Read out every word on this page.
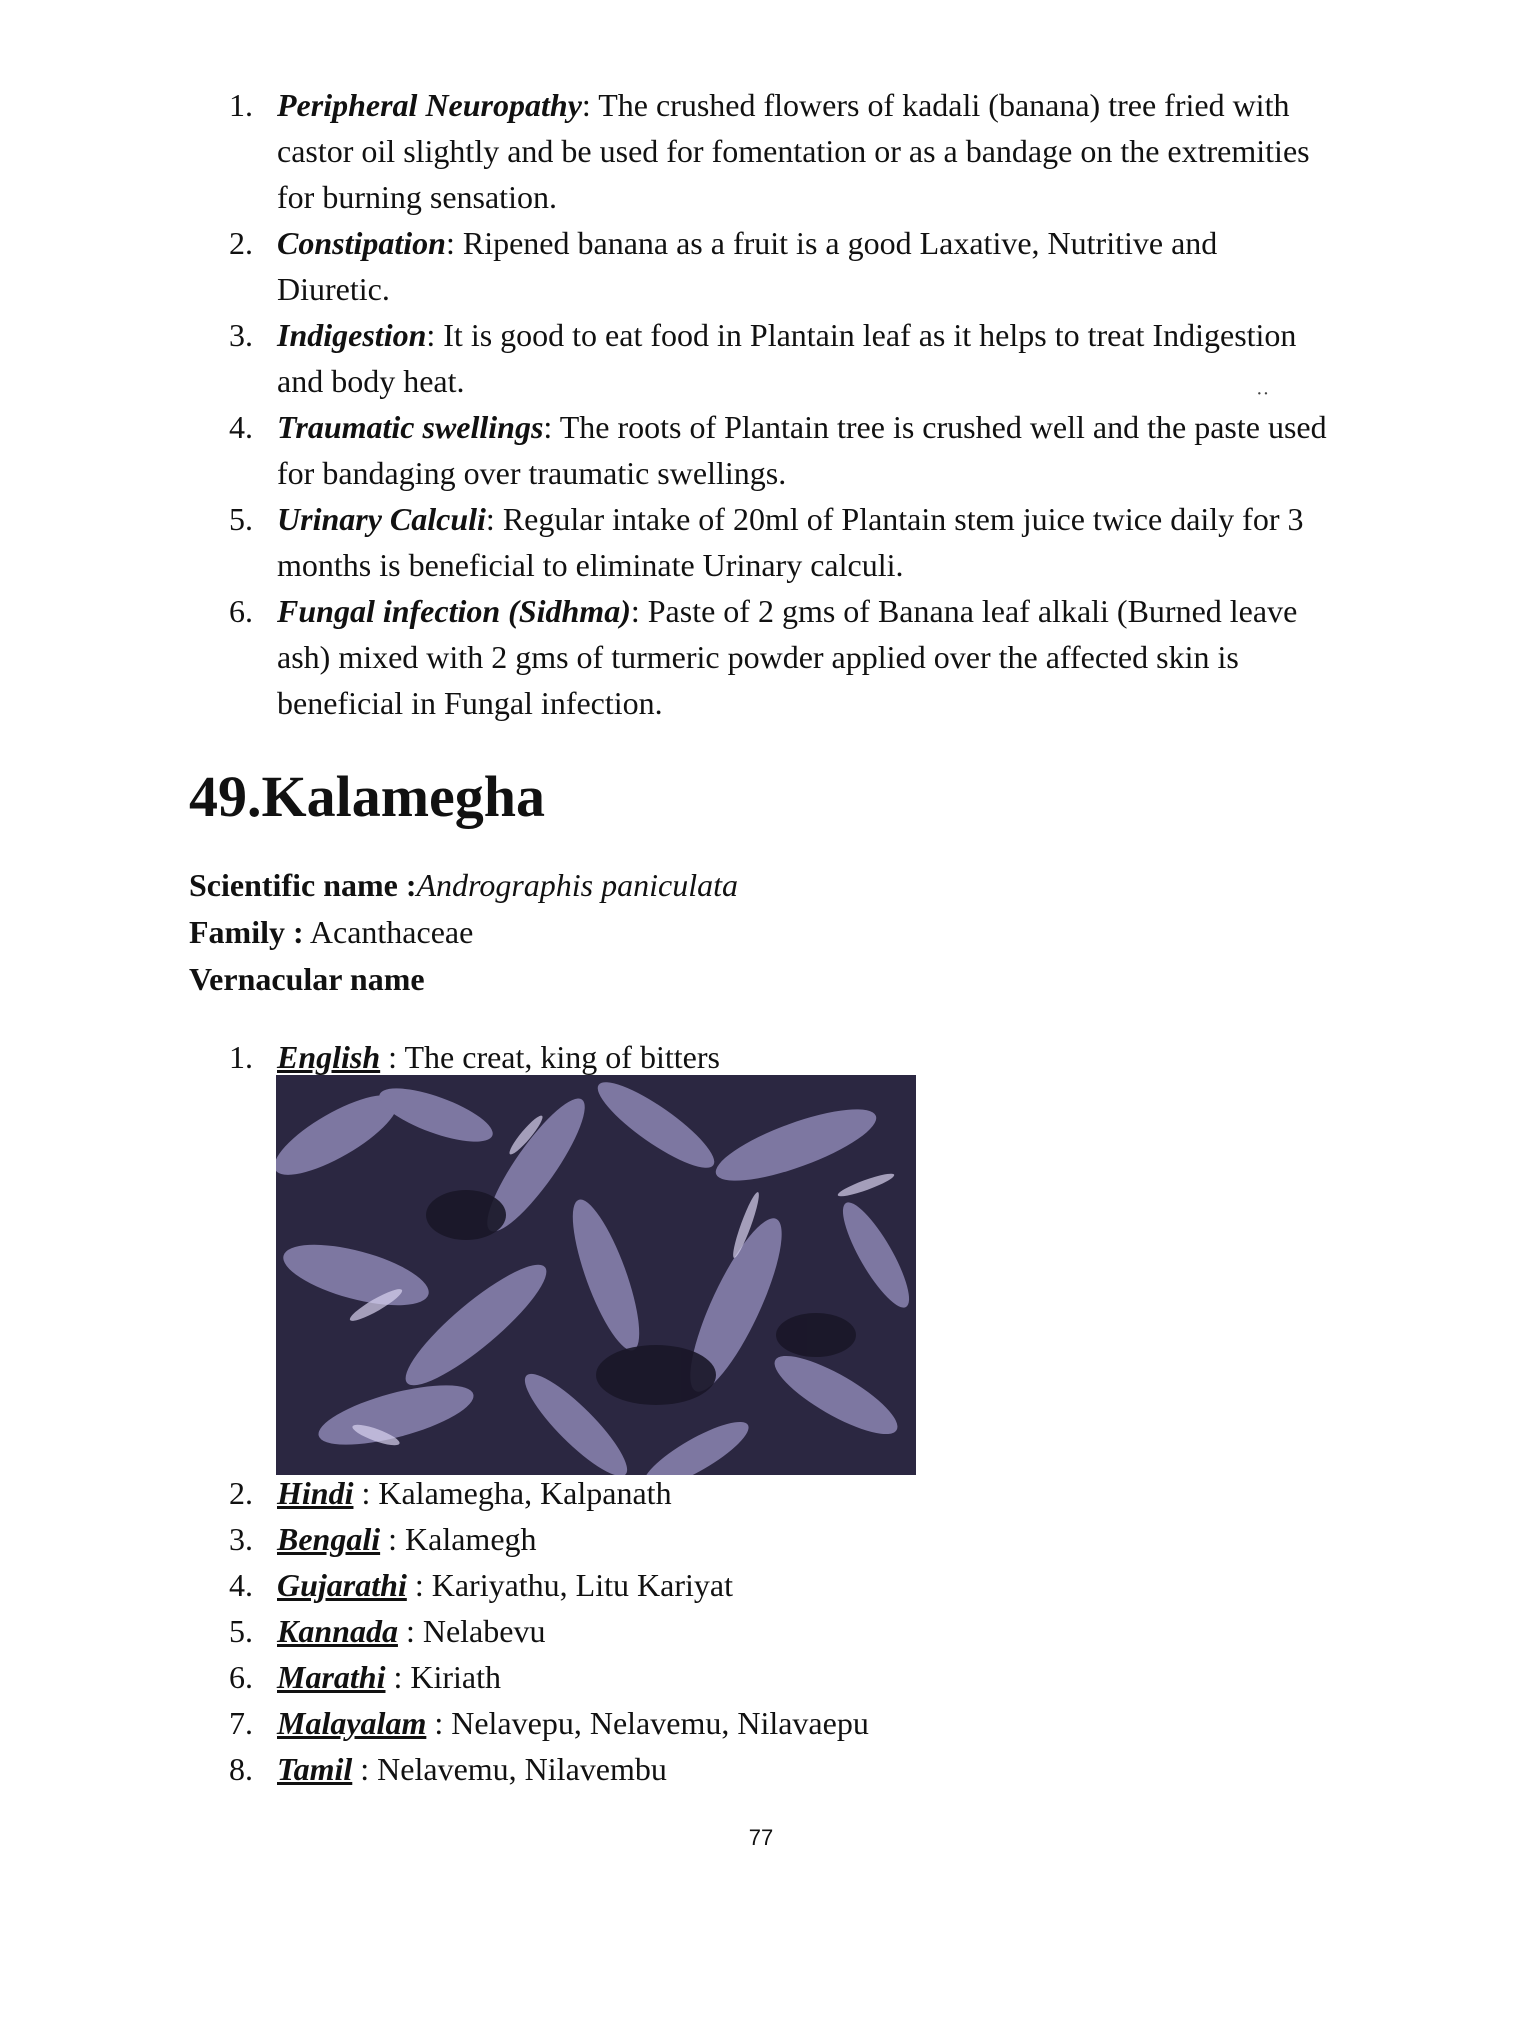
1. Peripheral Neuropathy: The crushed flowers of kadali (banana) tree fried with castor oil slightly and be used for fomentation or as a bandage on the extremities for burning sensation.
2. Constipation: Ripened banana as a fruit is a good Laxative, Nutritive and Diuretic.
3. Indigestion: It is good to eat food in Plantain leaf as it helps to treat Indigestion and body heat.
4. Traumatic swellings: The roots of Plantain tree is crushed well and the paste used for bandaging over traumatic swellings.
5. Urinary Calculi: Regular intake of 20ml of Plantain stem juice twice daily for 3 months is beneficial to eliminate Urinary calculi.
6. Fungal infection (Sidhma): Paste of 2 gms of Banana leaf alkali (Burned leave ash) mixed with 2 gms of turmeric powder applied over the affected skin is beneficial in Fungal infection.
··
49.Kalamegha
Scientific name :Andrographis paniculata
Family : Acanthaceae
Vernacular name
1. English : The creat, king of bitters
2. Hindi : Kalamegha, Kalpanath
3. Bengali : Kalamegh
4. Gujarathi : Kariyathu, Litu Kariyat
5. Kannada : Nelabevu
6. Marathi : Kiriath
7. Malayalam : Nelavepu, Nelavemu, Nilavaepu
8. Tamil : Nelavemu, Nilavembu
77
